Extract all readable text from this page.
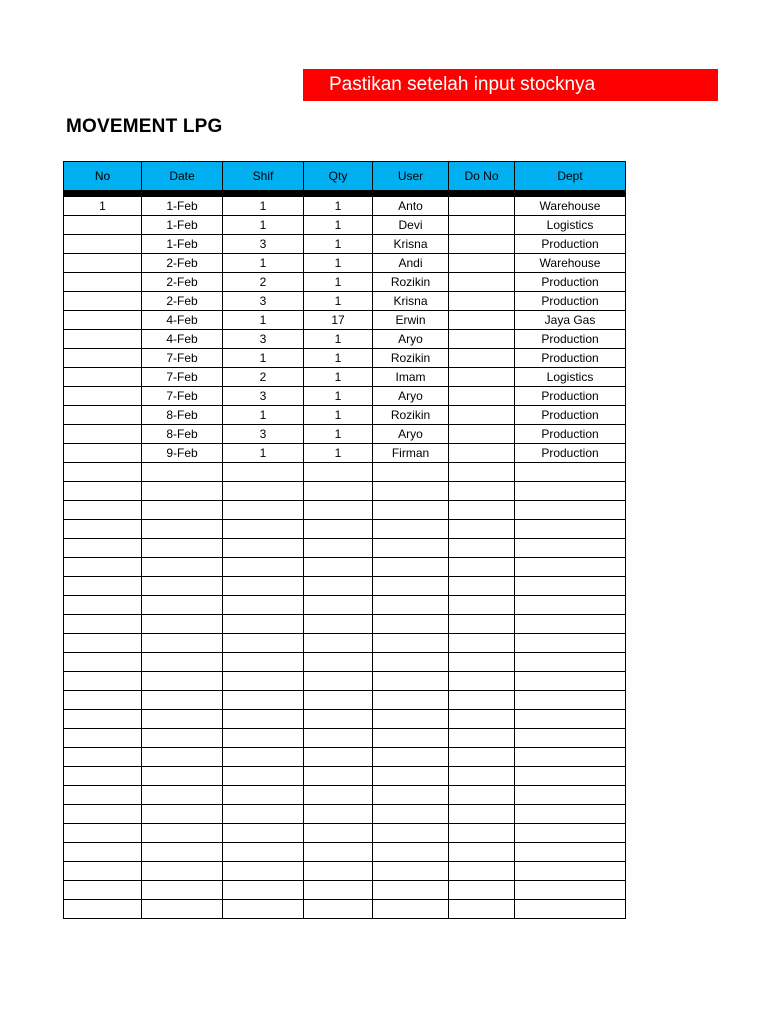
Pastikan setelah input stocknya
MOVEMENT LPG
No	Date	Shif	Qty	User	Do No	Dept

1	1-Feb	1	1	Anto		Warehouse
	1-Feb	1	1	Devi		Logistics
	1-Feb	3	1	Krisna		Production
	2-Feb	1	1	Andi		Warehouse
	2-Feb	2	1	Rozikin		Production
	2-Feb	3	1	Krisna		Production
	4-Feb	1	17	Erwin		Jaya Gas
	4-Feb	3	1	Aryo		Production
	7-Feb	1	1	Rozikin		Production
	7-Feb	2	1	Imam		Logistics
	7-Feb	3	1	Aryo		Production
	8-Feb	1	1	Rozikin		Production
	8-Feb	3	1	Aryo		Production
	9-Feb	1	1	Firman		Production
